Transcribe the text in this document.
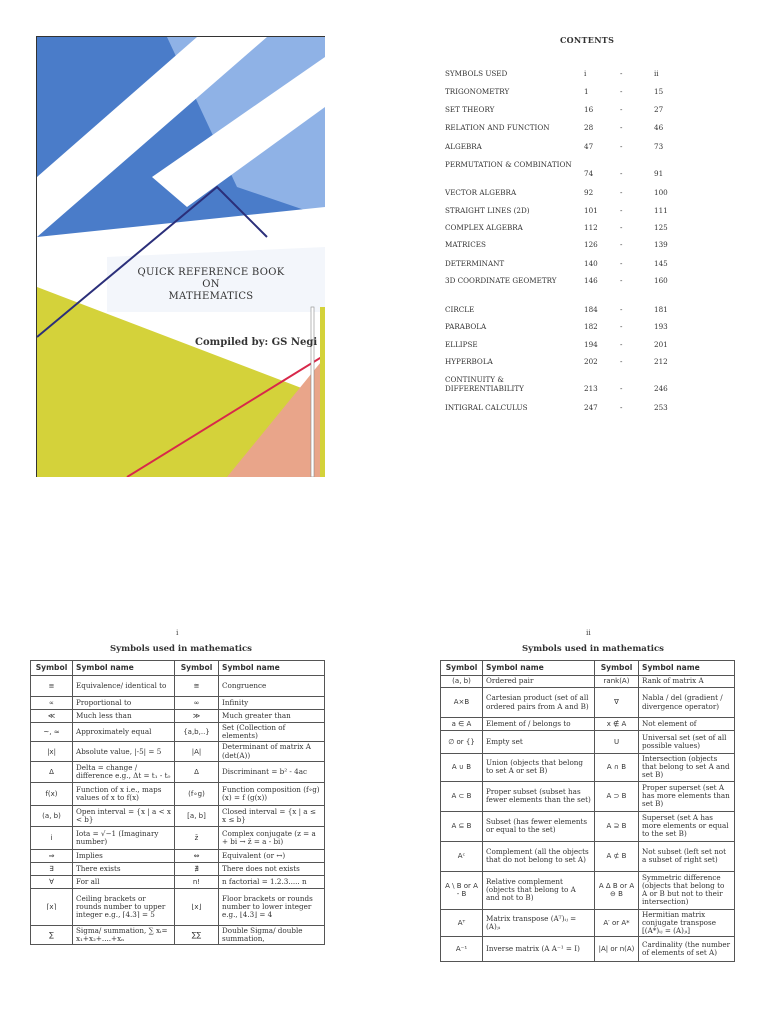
QUICK REFERENCE BOOK
ON
MATHEMATICS
Compiled by: GS Negi
CONTENTS
SYMBOLS USED	i	-	ii
TRIGONOMETRY	1	-	15
SET THEORY	16	-	27
RELATION AND FUNCTION	28	-	46
ALGEBRA	47	-	73
PERMUTATION & COMBINATION
74	-	91
VECTOR ALGEBRA	92	-	100
STRAIGHT LINES (2D)	101	-	111
COMPLEX ALGEBRA	112	-	125
MATRICES	126	-	139
DETERMINANT	140	-	145
3D COORDINATE GEOMETRY	146	-	160
CIRCLE	184	-	181
PARABOLA	182	-	193
ELLIPSE	194	-	201
HYPERBOLA	202	-	212
CONTINUITY & DIFFERENTIABILITY	213	-	246
INTIGRAL CALCULUS	247	-	253
i
Symbols used in mathematics
Symbol	Symbol name	Symbol	Symbol name
≡	Equivalence/ identical to	≅	Congruence
∝	Proportional to	∞	Infinity
≪	Much less than	≫	Much greater than
~, ≈	Approximately equal	{a,b,..}	Set (Collection of elements)
|x|	Absolute value, |-5| = 5	|A|	Determinant of matrix A (det(A))
Δ	Delta = change / difference e.g., Δt = t₁ - t₀	Δ	Discriminant = b² - 4ac
f(x)	Function of x i.e., maps values of x to f(x)	(f∘g)	Function composition (f∘g) (x) = f (g(x))
(a, b)	Open interval = {x | a < x < b}	[a, b]	Closed interval = {x | a ≤ x ≤ b}
i	Iota = √−1 (Imaginary number)	z̄	Complex conjugate (z = a + bi → z̄ = a - bi)
⇒	Implies	⇔	Equivalent (or ↔)
∃	There exists	∄	There does not exists
∀	For all	n!	n factorial = 1.2.3..... n
⌈x⌉	Ceiling brackets or rounds number to upper integer e.g., ⌈4.3⌉ = 5	⌊x⌋	Floor brackets or rounds number to lower integer e.g., ⌊4.3⌋ = 4
∑	Sigma/ summation, ∑ xᵢ= x₁+x₂+....+xₙ	∑∑	Double Sigma/ double summation,
ii
Symbols used in mathematics
Symbol	Symbol name	Symbol	Symbol name
(a, b)	Ordered pair	rank(A)	Rank of matrix A
A×B	Cartesian product (set of all ordered pairs from A and B)	∇	Nabla / del (gradient / divergence operator)
a ∈ A	Element of / belongs to	x ∉ A	Not element of
∅ or {}	Empty set	U	Universal set (set of all possible values)
A ∪ B	Union (objects that belong to set A or set B)	A ∩ B	Intersection (objects that belong to set A and set B)
A ⊂ B	Proper subset (subset has fewer elements than the set)	A ⊃ B	Proper superset (set A has more elements than set B)
A ⊆ B	Subset (has fewer elements or equal to the set)	A ⊇ B	Superset (set A has more elements or equal to the set B)
Aᶜ	Complement (all the objects that do not belong to set A)	A ⊄ B	Not subset (left set not a subset of right set)
A \ B or A - B	Relative complement (objects that belong to A and not to B)	A Δ B or A ⊖ B	Symmetric difference (objects that belong to A or B but not to their intersection)
Aᵀ	Matrix transpose (Aᵀ)ᵢⱼ = (A)ⱼᵢ	A′ or A*	Hermitian matrix conjugate transpose [(A*)ᵢⱼ = (A)ⱼᵢ]
A⁻¹	Inverse matrix (A A⁻¹ = I)	|A| or n(A)	Cardinality (the number of elements of set A)
